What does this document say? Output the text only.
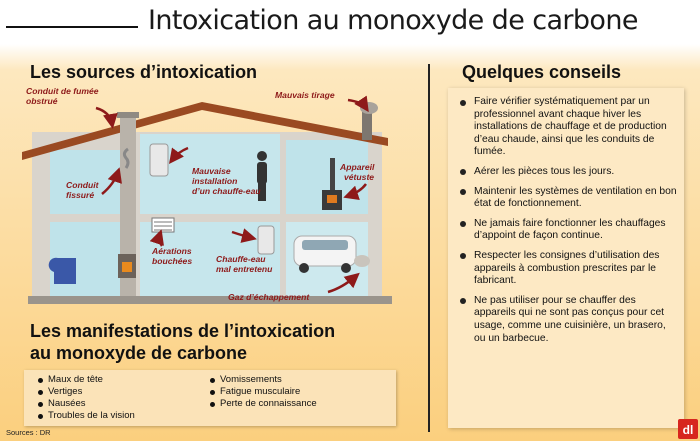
Intoxication au monoxyde de carbone
Les sources d’intoxication	Quelques conseils
Conduit de fumée obstrué
Mauvais tirage
Conduit fissuré
Mauvaise installation d’un chauffe-eau
Appareil vétuste
Aérations bouchées	Chauffe-eau mal entretenu
Gaz d’échappement
Les manifestations de l’intoxication
au monoxyde de carbone
Maux de tête
Vertiges
Nausées
Troubles de la vision
Vomissements
Fatigue musculaire
Perte de connaissance
Sources : DR
Faire vérifier systématiquement par un professionnel avant chaque hiver les installations de chauffage et de production d’eau chaude, ainsi que les conduits de fumée.
Aérer les pièces tous les jours.
Maintenir les systèmes de ventilation en bon état de fonctionnement.
Ne jamais faire fonctionner les chauffages d’appoint de façon continue.
Respecter les consignes d’utilisation des appareils à combustion prescrites par le fabricant.
Ne pas utiliser pour se chauffer des appareils qui ne sont pas conçus pour cet usage, comme une cuisinière, un brasero, ou un barbecue.
dl
